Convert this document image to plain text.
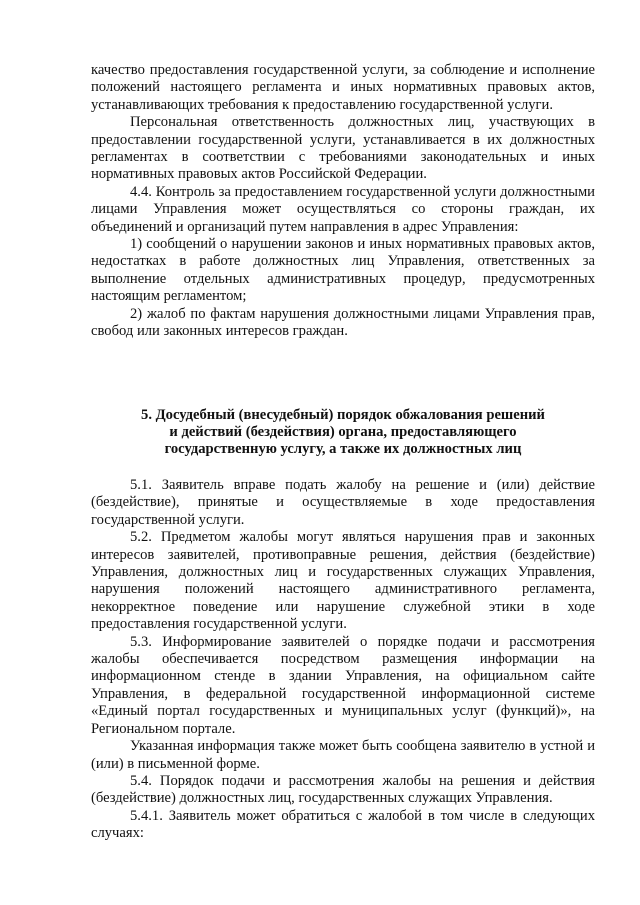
качество предоставления государственной услуги, за соблюдение и исполнение положений настоящего регламента и иных нормативных правовых актов, устанавливающих требования к предоставлению государственной услуги.

Персональная ответственность должностных лиц, участвующих в предоставлении государственной услуги, устанавливается в их должностных регламентах в соответствии с требованиями законодательных и иных нормативных правовых актов Российской Федерации.

4.4. Контроль за предоставлением государственной услуги должностными лицами Управления может осуществляться со стороны граждан, их объединений и организаций путем направления в адрес Управления:

1) сообщений о нарушении законов и иных нормативных правовых актов, недостатках в работе должностных лиц Управления, ответственных за выполнение отдельных административных процедур, предусмотренных настоящим регламентом;

2) жалоб по фактам нарушения должностными лицами Управления прав, свобод или законных интересов граждан.

5. Досудебный (внесудебный) порядок обжалования решений
и действий (бездействия) органа, предоставляющего
государственную услугу, а также их должностных лиц

5.1. Заявитель вправе подать жалобу на решение и (или) действие (бездействие), принятые и осуществляемые в ходе предоставления государственной услуги.

5.2. Предметом жалобы могут являться нарушения прав и законных интересов заявителей, противоправные решения, действия (бездействие) Управления, должностных лиц и государственных служащих Управления, нарушения положений настоящего административного регламента, некорректное поведение или нарушение служебной этики в ходе предоставления государственной услуги.

5.3. Информирование заявителей о порядке подачи и рассмотрения жалобы обеспечивается посредством размещения информации на информационном стенде в здании Управления, на официальном сайте Управления, в федеральной государственной информационной системе «Единый портал государственных и муниципальных услуг (функций)», на Региональном портале.

Указанная информация также может быть сообщена заявителю в устной и (или) в письменной форме.

5.4. Порядок подачи и рассмотрения жалобы на решения и действия (бездействие) должностных лиц, государственных служащих Управления.

5.4.1. Заявитель может обратиться с жалобой в том числе в следующих случаях:
